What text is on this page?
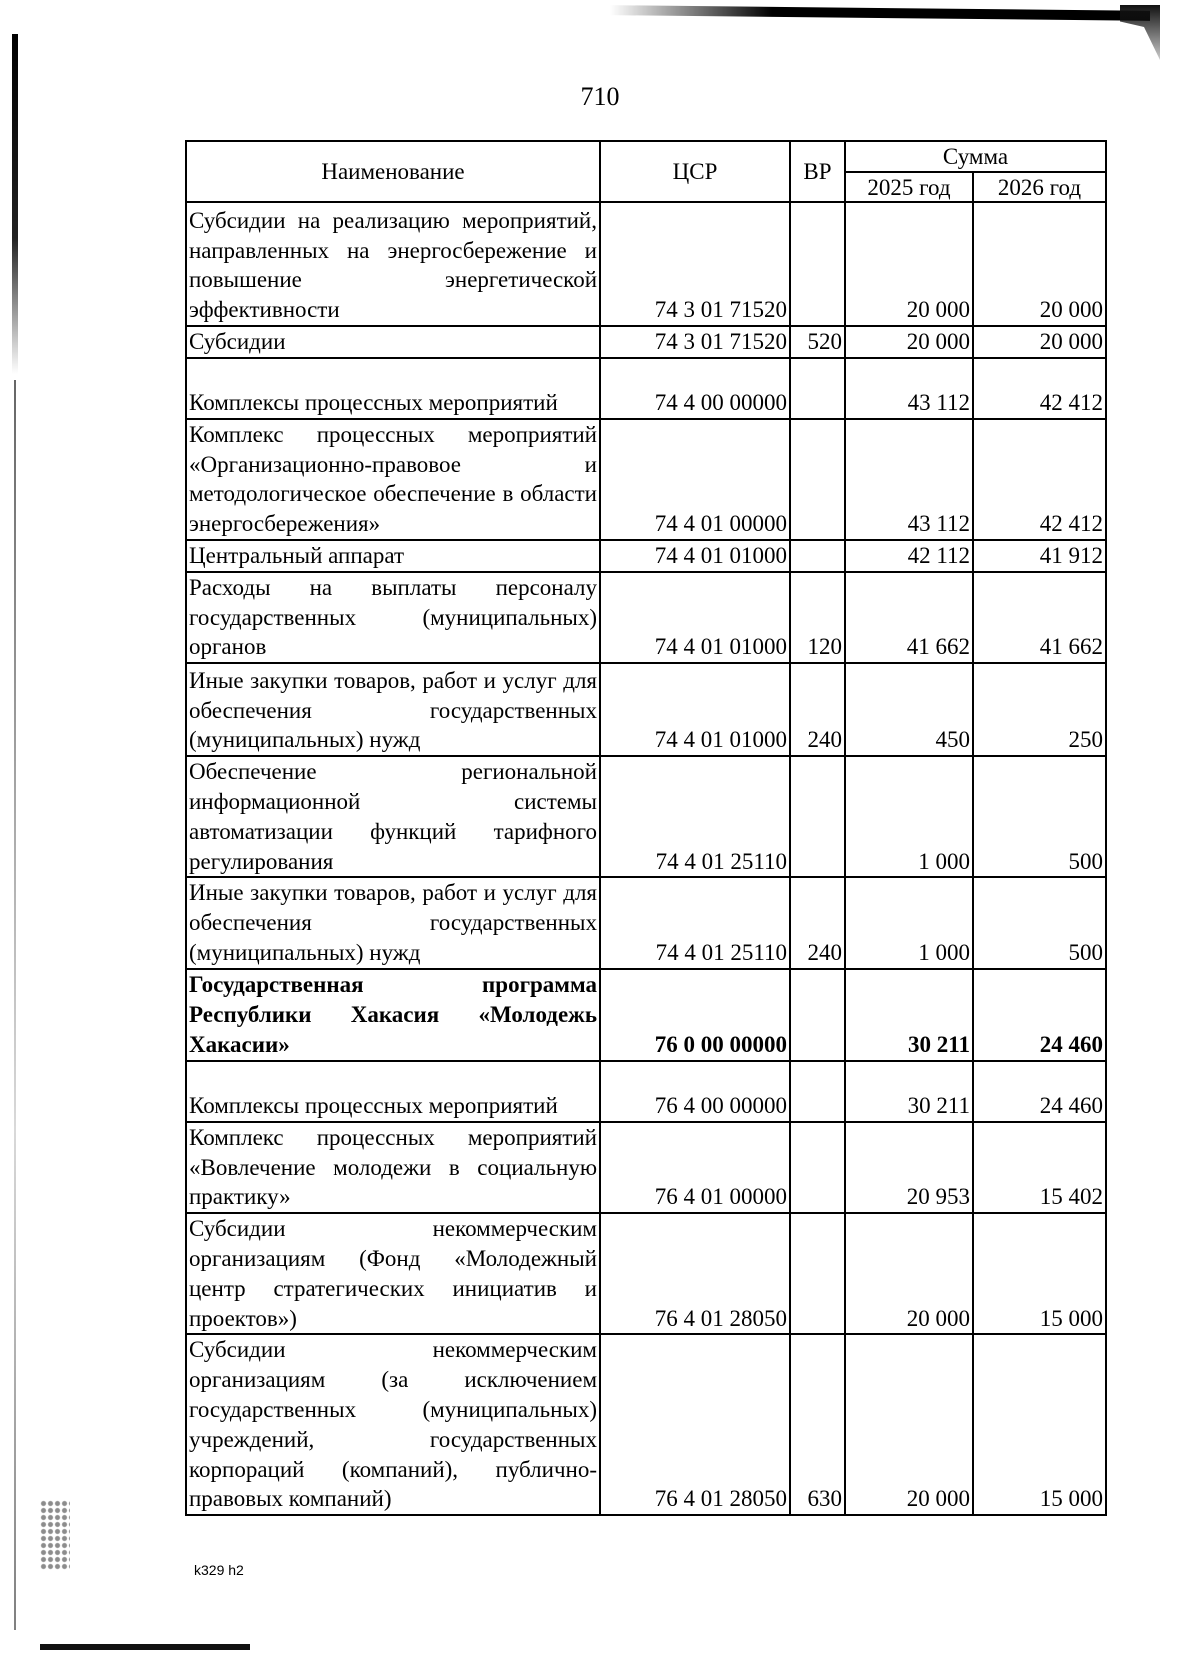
710
Наименование	ЦСР	ВР	Сумма	
			2025 год	2026 год
Субсидии на реализацию мероприятий, направленных на энергосбережение и повышение энергетической эффективности	74 3 01 71520		20 000	20 000
Субсидии	74 3 01 71520	520	20 000	20 000
Комплексы процессных мероприятий	74 4 00 00000		43 112	42 412
Комплекс процессных мероприятий «Организационно-правовое и методологическое обеспечение в области энергосбережения»	74 4 01 00000		43 112	42 412
Центральный аппарат	74 4 01 01000		42 112	41 912
Расходы на выплаты персоналу государственных (муниципальных) органов	74 4 01 01000	120	41 662	41 662
Иные закупки товаров, работ и услуг для обеспечения государственных (муниципальных) нужд	74 4 01 01000	240	450	250
Обеспечение региональной информационной системы автоматизации функций тарифного регулирования	74 4 01 25110		1 000	500
Иные закупки товаров, работ и услуг для обеспечения государственных (муниципальных) нужд	74 4 01 25110	240	1 000	500
Государственная программа Республики Хакасия «Молодежь Хакасии»	76 0 00 00000		30 211	24 460
Комплексы процессных мероприятий	76 4 00 00000		30 211	24 460
Комплекс процессных мероприятий «Вовлечение молодежи в социальную практику»	76 4 01 00000		20 953	15 402
Субсидии некоммерческим организациям (Фонд «Молодежный центр стратегических инициатив и проектов»)	76 4 01 28050		20 000	15 000
Субсидии некоммерческим организациям (за исключением государственных (муниципальных) учреждений, государственных корпораций (компаний), публично-правовых компаний)	76 4 01 28050	630	20 000	15 000
k329 h2
